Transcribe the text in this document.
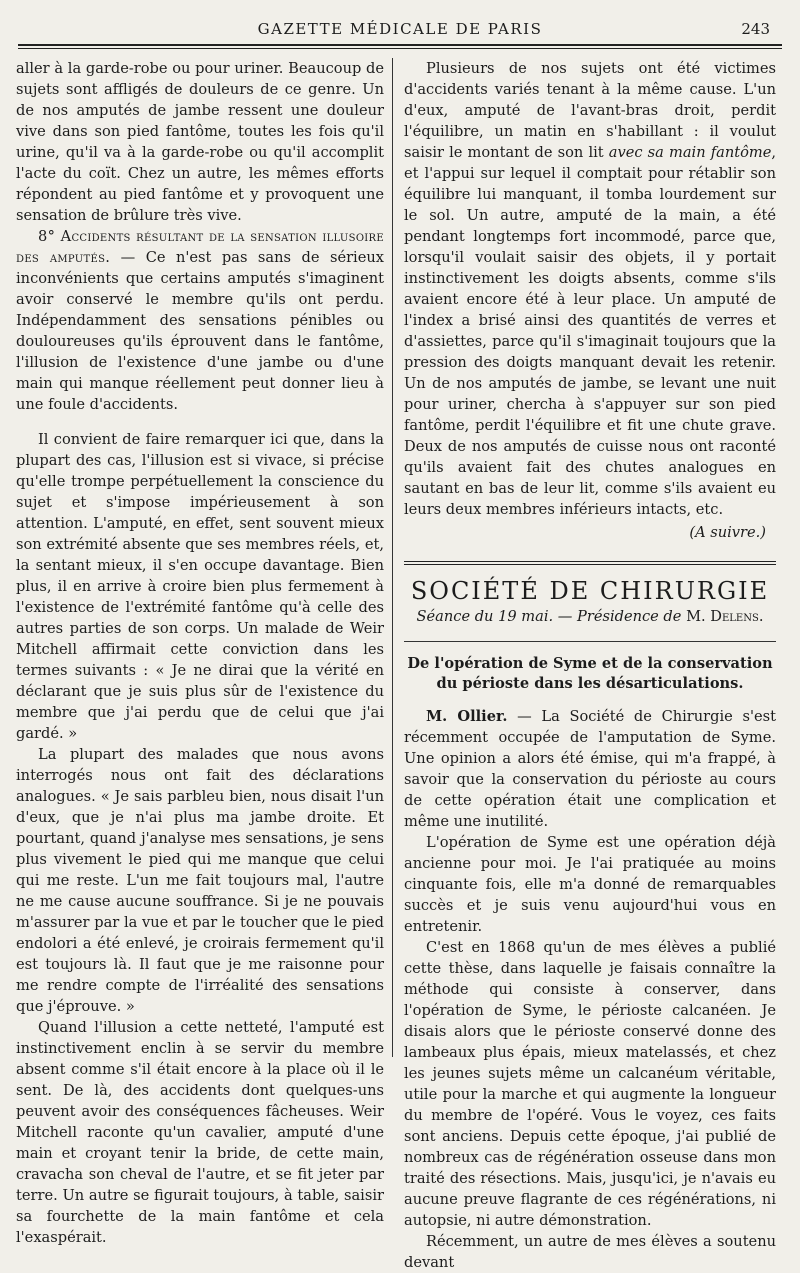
GAZETTE MÉDICALE DE PARIS	243

aller à la garde-robe ou pour uriner. Beaucoup de sujets sont affligés de douleurs de ce genre. Un de nos amputés de jambe ressent une douleur vive dans son pied fantôme, toutes les fois qu'il urine, qu'il va à la garde-robe ou qu'il accomplit l'acte du coït. Chez un autre, les mêmes efforts répondent au pied fantôme et y provoquent une sensation de brûlure très vive.

8° Accidents résultant de la sensation illusoire des amputés. — Ce n'est pas sans de sérieux inconvénients que certains amputés s'imaginent avoir conservé le membre qu'ils ont perdu. Indépendamment des sensations pénibles ou douloureuses qu'ils éprouvent dans le fantôme, l'illusion de l'existence d'une jambe ou d'une main qui manque réellement peut donner lieu à une foule d'accidents.

Il convient de faire remarquer ici que, dans la plupart des cas, l'illusion est si vivace, si précise qu'elle trompe perpétuellement la conscience du sujet et s'impose impérieusement à son attention. L'amputé, en effet, sent souvent mieux son extrémité absente que ses membres réels, et, la sentant mieux, il s'en occupe davantage. Bien plus, il en arrive à croire bien plus fermement à l'existence de l'extrémité fantôme qu'à celle des autres parties de son corps. Un malade de Weir Mitchell affirmait cette conviction dans les termes suivants : « Je ne dirai que la vérité en déclarant que je suis plus sûr de l'existence du membre que j'ai perdu que de celui que j'ai gardé. »

La plupart des malades que nous avons interrogés nous ont fait des déclarations analogues. « Je sais parbleu bien, nous disait l'un d'eux, que je n'ai plus ma jambe droite. Et pourtant, quand j'analyse mes sensations, je sens plus vivement le pied qui me manque que celui qui me reste. L'un me fait toujours mal, l'autre ne me cause aucune souffrance. Si je ne pouvais m'assurer par la vue et par le toucher que le pied endolori a été enlevé, je croirais fermement qu'il est toujours là. Il faut que je me raisonne pour me rendre compte de l'irréalité des sensations que j'éprouve. »

Quand l'illusion a cette netteté, l'amputé est instinctivement enclin à se servir du membre absent comme s'il était encore à la place où il le sent. De là, des accidents dont quelques-uns peuvent avoir des conséquences fâcheuses. Weir Mitchell raconte qu'un cavalier, amputé d'une main et croyant tenir la bride, de cette main, cravacha son cheval de l'autre, et se fit jeter par terre. Un autre se figurait toujours, à table, saisir sa fourchette de la main fantôme et cela l'exaspérait.

Plusieurs de nos sujets ont été victimes d'accidents variés tenant à la même cause. L'un d'eux, amputé de l'avant-bras droit, perdit l'équilibre, un matin en s'habillant : il voulut saisir le montant de son lit avec sa main fantôme, et l'appui sur lequel il comptait pour rétablir son équilibre lui manquant, il tomba lourdement sur le sol. Un autre, amputé de la main, a été pendant longtemps fort incommodé, parce que, lorsqu'il voulait saisir des objets, il y portait instinctivement les doigts absents, comme s'ils avaient encore été à leur place. Un amputé de l'index a brisé ainsi des quantités de verres et d'assiettes, parce qu'il s'imaginait toujours que la pression des doigts manquant devait les retenir. Un de nos amputés de jambe, se levant une nuit pour uriner, chercha à s'appuyer sur son pied fantôme, perdit l'équilibre et fit une chute grave. Deux de nos amputés de cuisse nous ont raconté qu'ils avaient fait des chutes analogues en sautant en bas de leur lit, comme s'ils avaient eu leurs deux membres inférieurs intacts, etc.

(A suivre.)
SOCIÉTÉ DE CHIRURGIE
Séance du 19 mai. — Présidence de M. Delens.
De l'opération de Syme et de la conservation du périoste dans les désarticulations.

M. Ollier. — La Société de Chirurgie s'est récemment occupée de l'amputation de Syme. Une opinion a alors été émise, qui m'a frappé, à savoir que la conservation du périoste au cours de cette opération était une complication et même une inutilité.

L'opération de Syme est une opération déjà ancienne pour moi. Je l'ai pratiquée au moins cinquante fois, elle m'a donné de remarquables succès et je suis venu aujourd'hui vous en entretenir.

C'est en 1868 qu'un de mes élèves a publié cette thèse, dans laquelle je faisais connaître la méthode qui consiste à conserver, dans l'opération de Syme, le périoste calcanéen. Je disais alors que le périoste conservé donne des lambeaux plus épais, mieux matelassés, et chez les jeunes sujets même un calcanéum véritable, utile pour la marche et qui augmente la longueur du membre de l'opéré. Vous le voyez, ces faits sont anciens. Depuis cette époque, j'ai publié de nombreux cas de régénération osseuse dans mon traité des résections. Mais, jusqu'ici, je n'avais eu aucune preuve flagrante de ces régénérations, ni autopsie, ni autre démonstration.

Récemment, un autre de mes élèves a soutenu devant
